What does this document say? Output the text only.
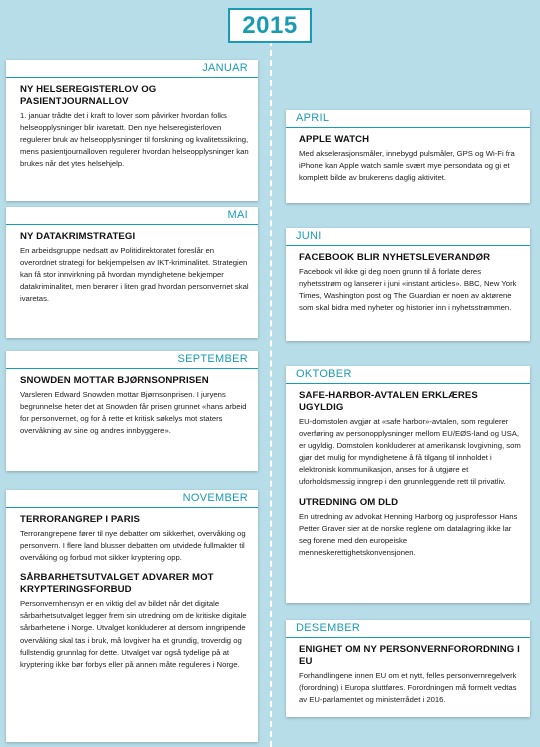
2015
JANUAR
NY HELSEREGISTERLOV OG PASIENTJOURNALLOV
1. januar trådte det i kraft to lover som påvirker hvordan folks helseopplysninger blir ivaretatt. Den nye helseregisterloven regulerer bruk av helseopplysninger til forskning og kvalitetssikring, mens pasientjournalloven regulerer hvordan helseopplysninger kan brukes når det ytes helsehjelp.
APRIL
APPLE WATCH
Med akselerasjonsmåler, innebygd pulsmåler, GPS og Wi-Fi fra iPhone kan Apple watch samle svært mye persondata og gi et komplett bilde av brukerens daglig aktivitet.
MAI
NY DATAKRIMSTRATEGI
En arbeidsgruppe nedsatt av Politidirektoratet foreslår en overordnet strategi for bekjempelsen av IKT-kriminalitet. Strategien kan få stor innvirkning på hvordan myndighetene bekjemper datakriminalitet, men berører i liten grad hvordan personvernet skal ivaretas.
JUNI
FACEBOOK BLIR NYHETSLEVERANDØR
Facebook vil ikke gi deg noen grunn til å forlate deres nyhetsstrøm og lanserer i juni «instant articles». BBC, New York Times, Washington post og The Guardian er noen av aktørene som skal bidra med nyheter og historier inn i nyhetsstrømmen.
SEPTEMBER
SNOWDEN MOTTAR BJØRNSONPRISEN
Varsleren Edward Snowden mottar Bjørnsonprisen. I juryens begrunnelse heter det at Snowden får prisen grunnet «hans arbeid for personvernet, og for å rette et kritisk søkelys mot staters overvåkning av sine og andres innbyggere».
OKTOBER
SAFE-HARBOR-AVTALEN ERKLÆRES UGYLDIG
EU-domstolen avgjør at «safe harbor»-avtalen, som regulerer overføring av personopplysninger mellom EU/EØS-land og USA, er ugyldig. Domstolen konkluderer at amerikansk lovgivning, som gjør det mulig for myndighetene å få tilgang til innholdet i elektronisk kommunikasjon, anses for å utgjøre et uforholdsmessig inngrep i den grunnleggende rett til privatliv.
UTREDNING OM DLD
En utredning av advokat Henning Harborg og jusprofessor Hans Petter Graver sier at de norske reglene om datalagring ikke lar seg forene med den europeiske menneskerettighetskonvensjonen.
NOVEMBER
TERRORANGREP I PARIS
Terrorangrepene fører til nye debatter om sikkerhet, overvåking og personvern. I flere land blusser debatten om utvidede fullmakter til overvåking og forbud mot sikker kryptering opp.
SÅRBARHETSUTVALGET ADVARER MOT KRYPTERINGSFORBUD
Personvernhensyn er en viktig del av bildet når det digitale sårbarhetsutvalget legger frem sin utredning om de kritiske digitale sårbarhetene i Norge. Utvalget konkluderer at dersom inngripende overvåking skal tas i bruk, må lovgiver ha et grundig, troverdig og fullstendig grunnlag for dette. Utvalget var også tydelige på at kryptering ikke bør forbys eller på annen måte reguleres i Norge.
DESEMBER
ENIGHET OM NY PERSONVERNFORORDNING I EU
Forhandlingene innen EU om et nytt, felles personvernregelverk (forordning) i Europa sluttføres. Forordningen må formelt vedtas av EU-parlamentet og ministerrådet i 2016.
